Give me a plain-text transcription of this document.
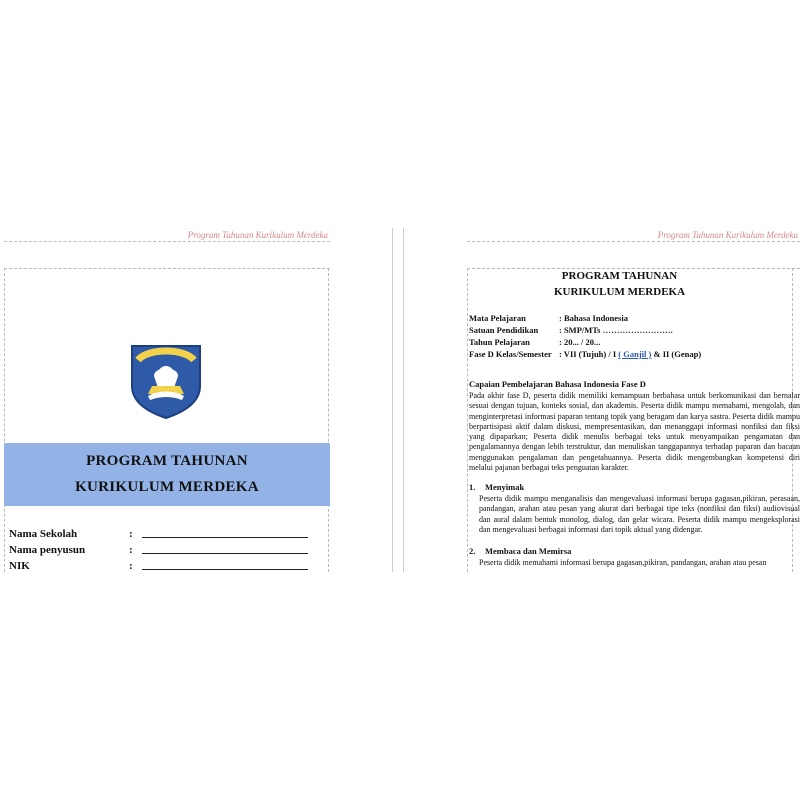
Program Tahunan Kurikulum Merdeka
PROGRAM TAHUNAN
KURIKULUM MERDEKA
Nama Sekolah	:
Nama penyusun	:
NIK	:
Program Tahunan Kurikulum Merdeka
PROGRAM TAHUNAN
KURIKULUM MERDEKA
Mata Pelajaran	: Bahasa Indonesia
Satuan Pendidikan : SMP/MTs …………………….
Tahun Pelajaran	: 20... / 20...
Fase D Kelas/Semester : VII (Tujuh) / I ( Ganjil ) & II (Genap)
Capaian Pembelajaran Bahasa Indonesia Fase D

Pada akhir fase D, peserta didik memiliki kemampuan berbahasa untuk berkomunikasi dan bernalar sesuai dengan tujuan, konteks sosial, dan akademis. Peserta didik mampu memahami, mengolah, dan menginterpretasi informasi paparan tentang topik yang beragam dan karya sastra. Peserta didik mampu berpartisipasi aktif dalam diskusi, mempresentasikan, dan menanggapi informasi nonfiksi dan fiksi yang dipaparkan; Peserta didik menulis berbagai teks untuk menyampaikan pengamatan dan pengalamannya dengan lebih terstruktur, dan menuliskan tanggapannya terhadap paparan dan bacaan menggunakan pengalaman dan pengetahuannya. Peserta didik mengembangkan kompetensi diri melalui pajanan berbagai teks penguatan karakter.

1. Menyimak

Peserta didik mampu menganalisis dan mengevaluasi informasi berupa gagasan,pikiran, perasaan, pandangan, arahan atau pesan yang akurat dari berbagai tipe teks (nonfiksi dan fiksi) audiovisual dan aural dalam bentuk monolog, dialog, dan gelar wicara. Peserta didik mampu mengeksplorasi dan mengevaluasi berbagai informasi dari topik aktual yang didengar.

2. Membaca dan Memirsa

Peserta didik memahami informasi berupa gagasan,pikiran, pandangan, arahan atau pesan
